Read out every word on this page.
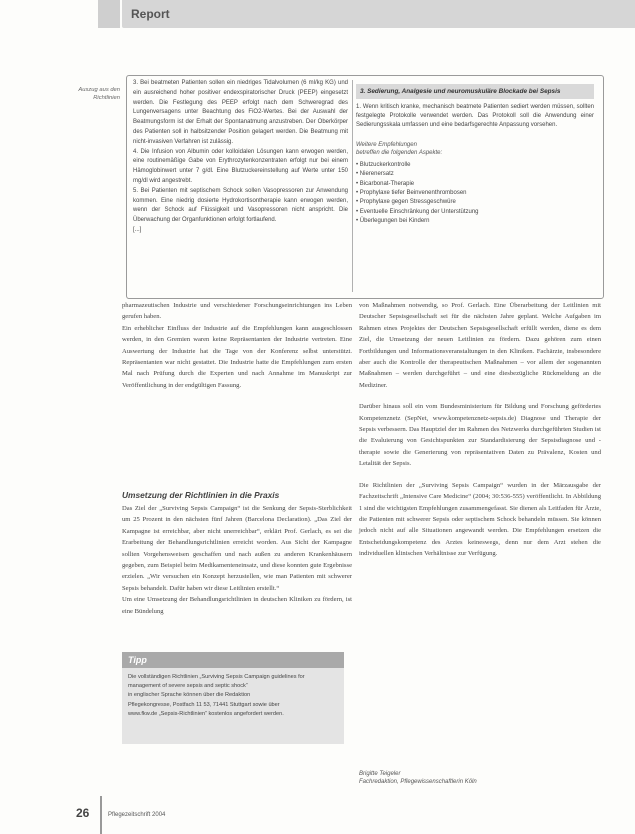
Report
Auszug aus den Richtlinien

3. Bei beatmeten Patienten sollen ein niedriges Tidalvolumen (6 ml/kg KG) und ein ausreichend hoher positiver endexspiratorischer Druck (PEEP) eingesetzt werden. Die Festlegung des PEEP erfolgt nach dem Schweregrad des Lungenversagens unter Beachtung des FiO2-Wertes. Bei der Auswahl der Beatmungsform ist der Erhalt der Spontanatmung anzustreben. Der Oberkörper des Patienten soll in halbsitzender Position gelagert werden. Die Beatmung mit nicht-invasiven Verfahren ist zulässig.

4. Die Infusion von Albumin oder kolloidalen Lösungen kann erwogen werden, eine routinemäßige Gabe von Erythrozytenkonzentraten erfolgt nur bei einem Hämoglobinwert unter 7 g/dl. Eine Blutzuckereinstellung auf Werte unter 150 mg/dl wird angestrebt.

5. Bei Patienten mit septischem Schock sollen Vasopressoren zur Anwendung kommen. Eine niedrig dosierte Hydrokortisontherapie kann erwogen werden, wenn der Schock auf Flüssigkeit und Vasopressoren nicht anspricht. Die Überwachung der Organfunktionen erfolgt fortlaufend.

[...]

3. Sedierung, Analgesie und neuromuskuläre Blockade bei Sepsis

1. Wenn kritisch kranke, mechanisch beatmete Patienten sediert werden müssen, sollten festgelegte Protokolle verwendet werden. Das Protokoll soll die Anwendung einer Sedierungsskala umfassen und eine bedarfsgerechte Anpassung vorsehen.

Weitere Empfehlungen
betreffen die folgenden Aspekte:
• Blutzuckerkontrolle
• Nierenersatz
• Bicarbonat-Therapie
• Prophylaxe tiefer Beinvenenthrombosen
• Prophylaxe gegen Stressgeschwüre
• Eventuelle Einschränkung der Unterstützung
• Überlegungen bei Kindern

pharmazeutischen Industrie und verschiedener Forschungseinrichtungen ins Leben gerufen haben.

Ein erheblicher Einfluss der Industrie auf die Empfehlungen kann ausgeschlossen werden, in den Gremien waren keine Repräsentanten der Industrie vertreten. Eine Auswertung der Industrie hat die Tage von der Konferenz selbst unterstützt. Repräsentanten war nicht gestattet. Die Industrie hatte die Empfehlungen zum ersten Mal nach Prüfung durch die Experten und nach Annahme im Manuskript zur Veröffentlichung in der endgültigen Fassung.

Umsetzung der Richtlinien in die Praxis

Das Ziel der „Surviving Sepsis Campaign“ ist die Senkung der Sepsis-Sterblichkeit um 25 Prozent in den nächsten fünf Jahren (Barcelona Declaration). „Das Ziel der Kampagne ist erreichbar, aber nicht unerreichbar“, erklärt Prof. Gerlach, es sei die Erarbeitung der Behandlungsrichtlinien erreicht worden. Aus Sicht der Kampagne sollten Vorgehensweisen geschaffen und nach außen zu anderen Krankenhäusern gegeben, zum Beispiel beim Medikamenteneinsatz, und diese konnten gute Ergebnisse erzielen. „Wir versuchen ein Konzept herzustellen, wie man Patienten mit schwerer Sepsis behandelt. Dafür haben wir diese Leitlinien erstellt.“

Um eine Umsetzung der Behandlungsrichtlinien in deutschen Kliniken zu fördern, ist eine Bündelung

Tipp
Die vollständigen Richtlinien „Surviving Sepsis Campaign guidelines for management of severe sepsis and septic shock“
in englischer Sprache können über die Redaktion
Pflegekongresse, Postfach 11 53, 71441 Stuttgart sowie über
www.fkw.de „Sepsis-Richtlinien“ kostenlos angefordert werden.

von Maßnahmen notwendig, so Prof. Gerlach. Eine Überarbeitung der Leitlinien mit Deutscher Sepsisgesellschaft sei für die nächsten Jahre geplant. Welche Aufgaben im Rahmen eines Projektes der Deutschen Sepsisgesellschaft erfüllt werden, diene es dem Ziel, die Umsetzung der neuen Leitlinien zu fördern. Dazu gehören zum einen Fortbildungen und Informationsveranstaltungen in den Kliniken. Fachärzte, insbesondere aber auch die Kontrolle der therapeutischen Maßnahmen – vor allem der sogenannten Maßnahmen – werden durchgeführt – und eine diesbezügliche Rückmeldung an die Mediziner.

Darüber hinaus soll ein vom Bundesministerium für Bildung und Forschung gefördertes Kompetenznetz (SepNet, www.kompetenznetz-sepsis.de) Diagnose und Therapie der Sepsis verbessern. Das Hauptziel der im Rahmen des Netzwerks durchgeführten Studien ist die Evaluierung von Gesichtspunkten zur Standardisierung der Sepsisdiagnose und -therapie sowie die Generierung von repräsentativen Daten zu Prävalenz, Kosten und Letalität der Sepsis.

Die Richtlinien der „Surviving Sepsis Campaign“ wurden in der Märzausgabe der Fachzeitschrift „Intensive Care Medicine“ (2004; 30:536-555) veröffentlicht. In Abbildung 1 sind die wichtigsten Empfehlungen zusammengefasst. Sie dienen als Leitfaden für Ärzte, die Patienten mit schwerer Sepsis oder septischem Schock behandeln müssen. Sie können jedoch nicht auf alle Situationen angewandt werden. Die Empfehlungen ersetzen die Entscheidungskompetenz des Arztes keineswegs, denn nur dem Arzt stehen die individuellen klinischen Verhältnisse zur Verfügung.

Brigitte Teigeler
Fachredaktion, Pflegewissenschaftlerin Köln
26	Pflegezeitschrift 2004
